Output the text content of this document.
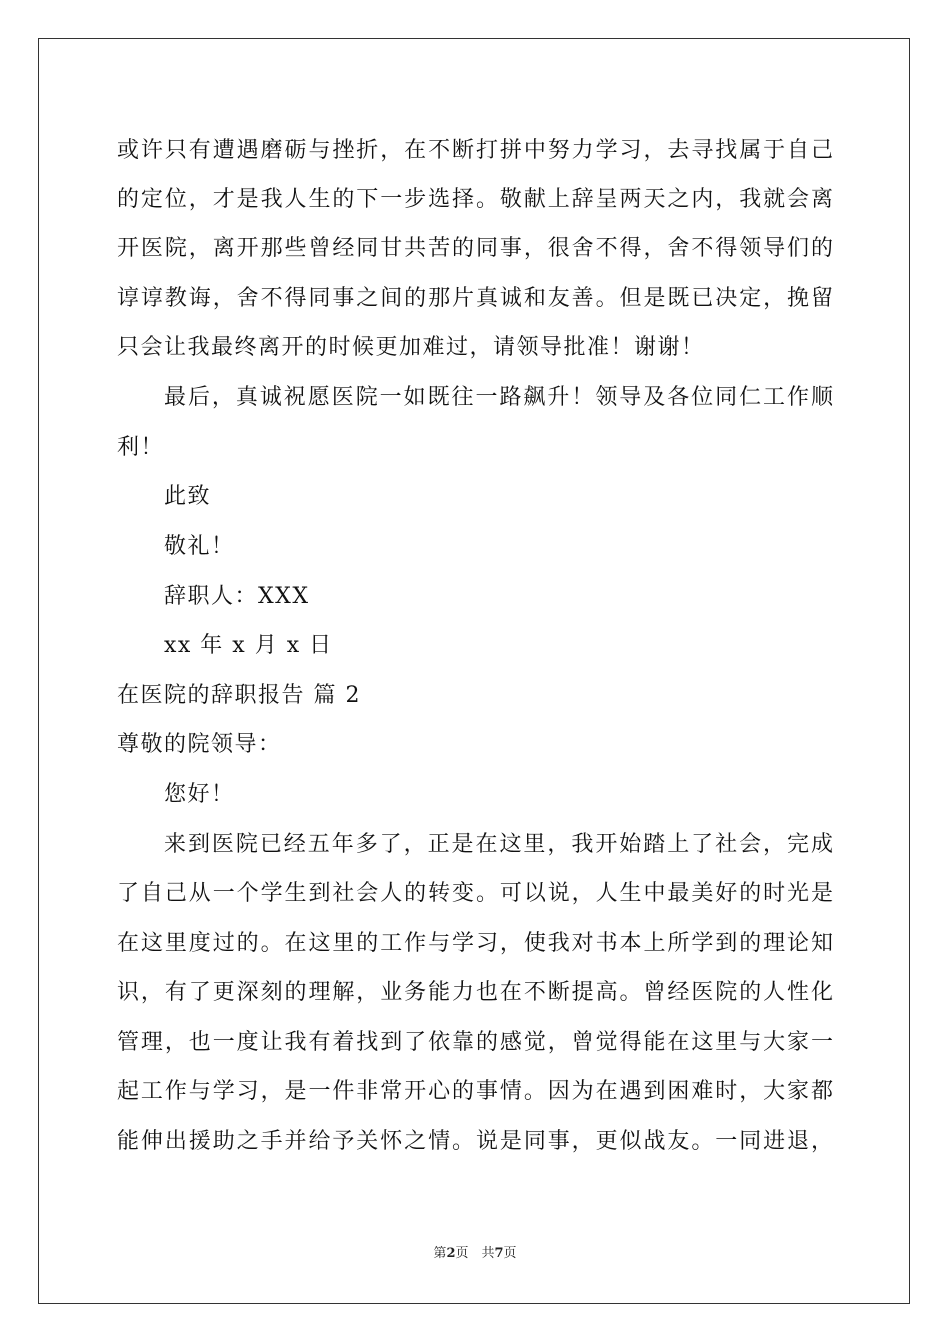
或许只有遭遇磨砺与挫折，在不断打拼中努力学习，去寻找属于自己
的定位，才是我人生的下一步选择。敬献上辞呈两天之内，我就会离
开医院，离开那些曾经同甘共苦的同事，很舍不得，舍不得领导们的
谆谆教诲，舍不得同事之间的那片真诚和友善。但是既已决定，挽留
只会让我最终离开的时候更加难过，请领导批准！谢谢！
最后，真诚祝愿医院一如既往一路飙升！领导及各位同仁工作顺
利！
此致
敬礼！
辞职人：XXX
xx 年 x 月 x 日
在医院的辞职报告 篇 2
尊敬的院领导：
您好！
来到医院已经五年多了，正是在这里，我开始踏上了社会，完成
了自己从一个学生到社会人的转变。可以说，人生中最美好的时光是
在这里度过的。在这里的工作与学习，使我对书本上所学到的理论知
识，有了更深刻的理解，业务能力也在不断提高。曾经医院的人性化
管理，也一度让我有着找到了依靠的感觉，曾觉得能在这里与大家一
起工作与学习，是一件非常开心的事情。因为在遇到困难时，大家都
能伸出援助之手并给予关怀之情。说是同事，更似战友。一同进退，
第2页　共7页
